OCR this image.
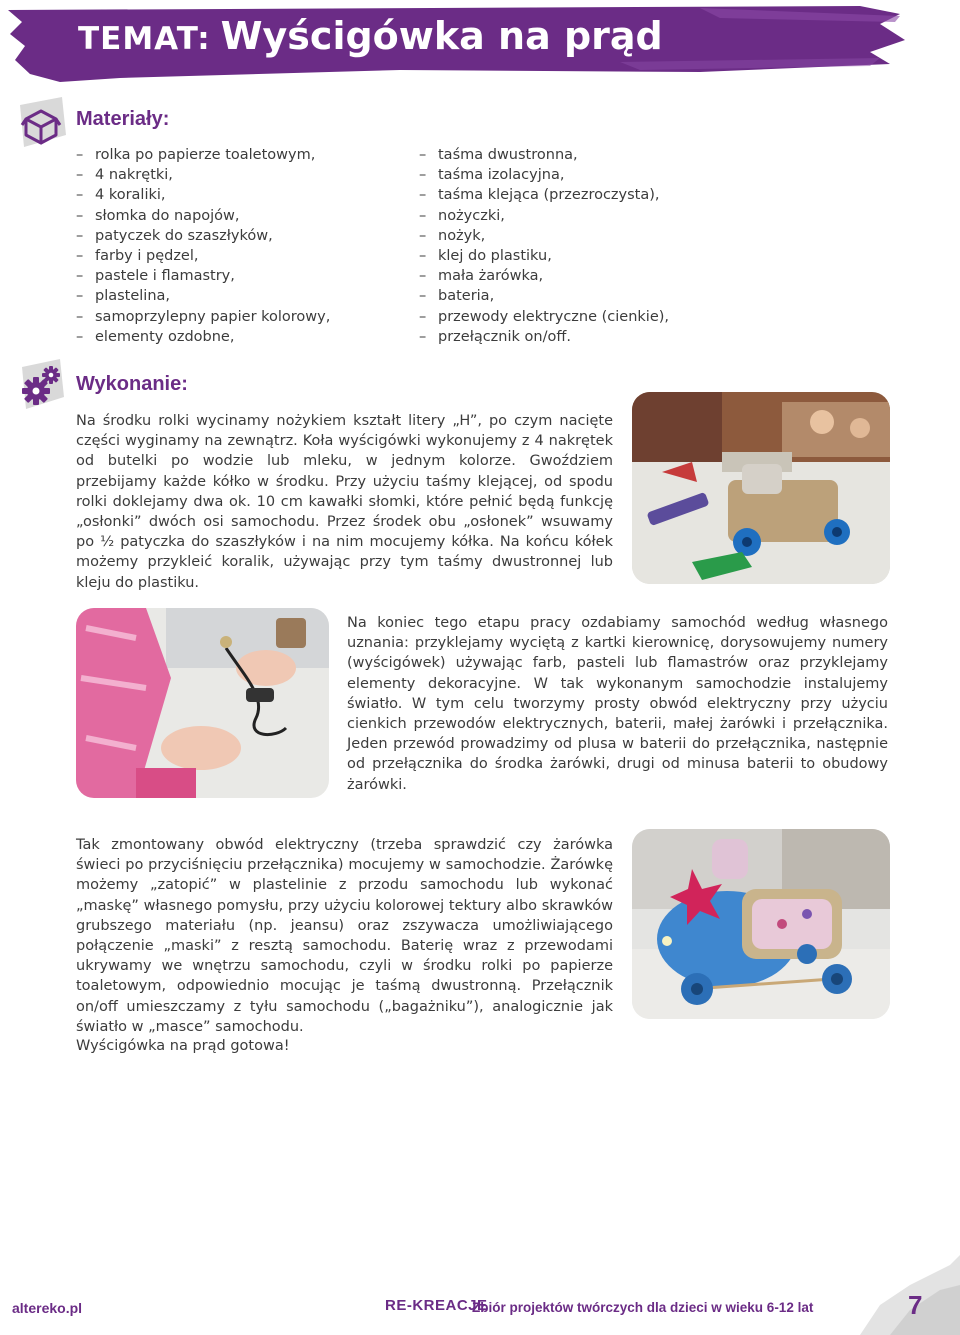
TEMAT: Wyścigówka na prąd
Materiały:
– rolka po papierze toaletowym,
– 4 nakrętki,
– 4 koraliki,
– słomka do napojów,
– patyczek do szaszłyków,
– farby i pędzel,
– pastele i flamastry,
– plastelina,
– samoprzylepny papier kolorowy,
– elementy ozdobne,
– taśma dwustronna,
– taśma izolacyjna,
– taśma klejąca (przezroczysta),
– nożyczki,
– nożyk,
– klej do plastiku,
– mała żarówka,
– bateria,
– przewody elektryczne (cienkie),
– przełącznik on/off.
Wykonanie:
Na środku rolki wycinamy nożykiem kształt litery „H”, po czym nacięte części wyginamy na zewnątrz. Koła wyścigówki wykonujemy z 4 nakrętek od butelki po wodzie lub mleku, w jednym kolorze. Gwoździem przebijamy każde kółko w środku. Przy użyciu taśmy klejącej, od spodu rolki doklejamy dwa ok. 10 cm kawałki słomki, które pełnić będą funkcję „osłonki” dwóch osi samochodu. Przez środek obu „osłonek” wsuwamy po ½ patyczka do szaszłyków i na nim mocujemy kółka. Na końcu kółek możemy przykleić koralik, używając przy tym taśmy dwustronnej lub kleju do plastiku.
Na koniec tego etapu pracy ozdabiamy samochód według własnego uznania: przyklejamy wyciętą z kartki kierownicę, dorysowujemy numery (wyścigówek) używając farb, pasteli lub flamastrów oraz przyklejamy elementy dekoracyjne. W tak wykonanym samochodzie instalujemy światło. W tym celu tworzymy prosty obwód elektryczny przy użyciu cienkich przewodów elektrycznych, baterii, małej żarówki i przełącznika. Jeden przewód prowadzimy od plusa w baterii do przełącznika, następnie od przełącznika do środka żarówki, drugi od minusa baterii to obudowy żarówki.
Tak zmontowany obwód elektryczny (trzeba sprawdzić czy żarówka świeci po przyciśnięciu przełącznika) mocujemy w samochodzie. Żarówkę możemy „zatopić” w plastelinie z przodu samochodu lub wykonać „maskę” własnego pomysłu, przy użyciu kolorowej tektury albo skrawków grubszego materiału (np. jeansu) oraz zszywacza umożliwiającego połączenie „maski” z resztą samochodu. Baterię wraz z przewodami ukrywamy we wnętrzu samochodu, czyli w środku rolki po papierze toaletowym, odpowiednio mocując je taśmą dwustronną. Przełącznik on/off umieszczamy z tyłu samochodu („bagażniku”), analogicznie jak światło w „masce” samochodu.
Wyścigówka na prąd gotowa!
altereko.pl	RE-KREACJE
Zbiór projektów twórczych dla dzieci w wieku 6-12 lat	7
